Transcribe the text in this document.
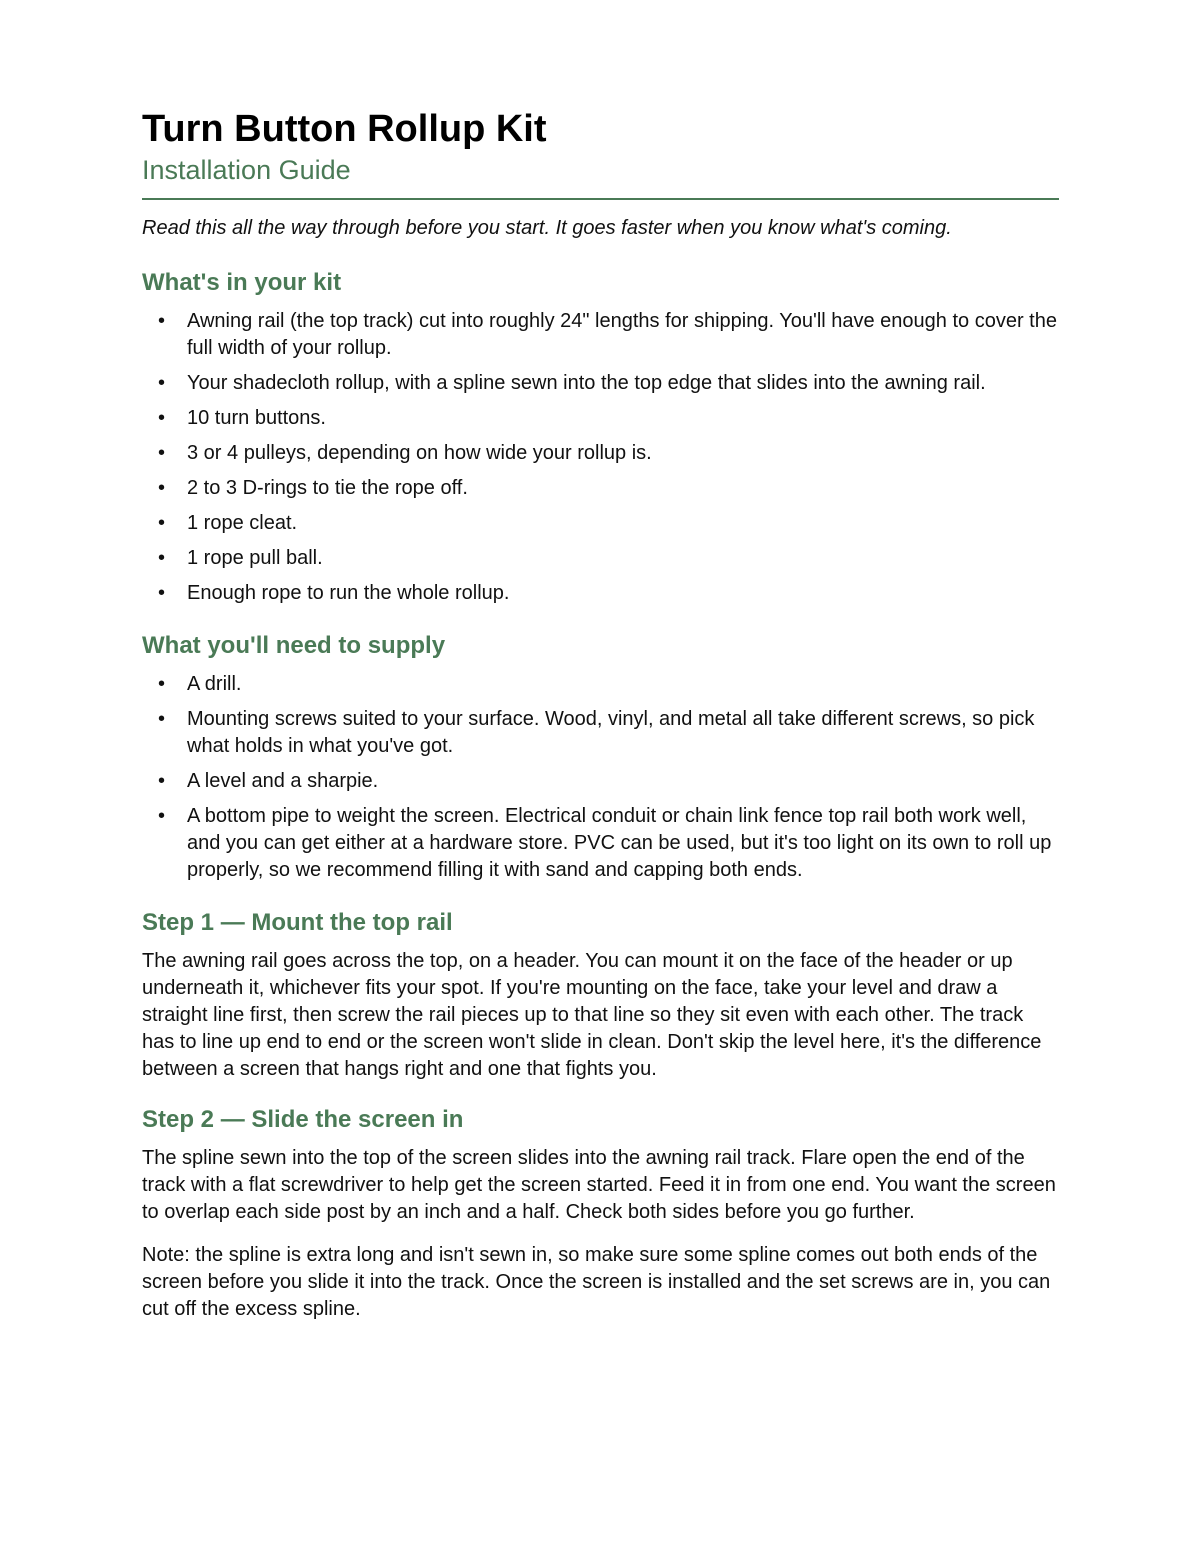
Turn Button Rollup Kit
Installation Guide

Read this all the way through before you start. It goes faster when you know what's coming.

What's in your kit
• Awning rail (the top track) cut into roughly 24" lengths for shipping. You'll have enough to cover the full width of your rollup.
• Your shadecloth rollup, with a spline sewn into the top edge that slides into the awning rail.
• 10 turn buttons.
• 3 or 4 pulleys, depending on how wide your rollup is.
• 2 to 3 D-rings to tie the rope off.
• 1 rope cleat.
• 1 rope pull ball.
• Enough rope to run the whole rollup.
What you'll need to supply
• A drill.
• Mounting screws suited to your surface. Wood, vinyl, and metal all take different screws, so pick what holds in what you've got.
• A level and a sharpie.
• A bottom pipe to weight the screen. Electrical conduit or chain link fence top rail both work well, and you can get either at a hardware store. PVC can be used, but it's too light on its own to roll up properly, so we recommend filling it with sand and capping both ends.
Step 1 — Mount the top rail

The awning rail goes across the top, on a header. You can mount it on the face of the header or up underneath it, whichever fits your spot. If you're mounting on the face, take your level and draw a straight line first, then screw the rail pieces up to that line so they sit even with each other. The track has to line up end to end or the screen won't slide in clean. Don't skip the level here, it's the difference between a screen that hangs right and one that fights you.

Step 2 — Slide the screen in

The spline sewn into the top of the screen slides into the awning rail track. Flare open the end of the track with a flat screwdriver to help get the screen started. Feed it in from one end. You want the screen to overlap each side post by an inch and a half. Check both sides before you go further.

Note: the spline is extra long and isn't sewn in, so make sure some spline comes out both ends of the screen before you slide it into the track. Once the screen is installed and the set screws are in, you can cut off the excess spline.
